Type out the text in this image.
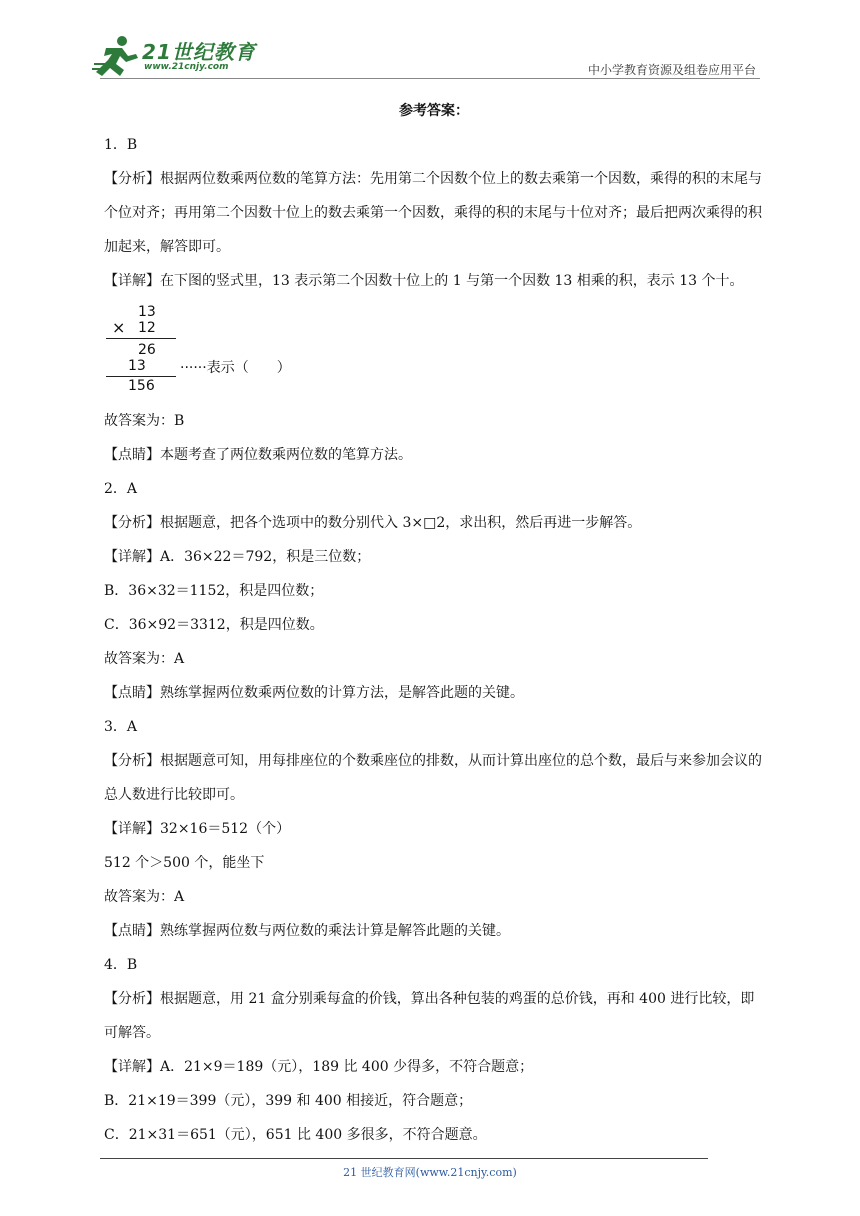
21世纪教育
www.21cnjy.com	中小学教育资源及组卷应用平台
参考答案：

1．B

【分析】根据两位数乘两位数的笔算方法：先用第二个因数个位上的数去乘第一个因数，乘得的积的末尾与个位对齐；再用第二个因数十位上的数去乘第一个因数，乘得的积的末尾与十位对齐；最后把两次乘得的积加起来，解答即可。

【详解】在下图的竖式里，13 表示第二个因数十位上的 1 与第一个因数 13 相乘的积，表示 13 个十。

13
× 12
26
13 ······表示（　　）
156

故答案为：B

【点睛】本题考查了两位数乘两位数的笔算方法。

2．A

【分析】根据题意，把各个选项中的数分别代入 3×□2，求出积，然后再进一步解答。

【详解】A．36×22＝792，积是三位数；

B．36×32＝1152，积是四位数；

C．36×92＝3312，积是四位数。

故答案为：A

【点睛】熟练掌握两位数乘两位数的计算方法，是解答此题的关键。

3．A

【分析】根据题意可知，用每排座位的个数乘座位的排数，从而计算出座位的总个数，最后与来参加会议的总人数进行比较即可。

【详解】32×16＝512（个）

512 个＞500 个，能坐下

故答案为：A

【点睛】熟练掌握两位数与两位数的乘法计算是解答此题的关键。

4．B

【分析】根据题意，用 21 盒分别乘每盒的价钱，算出各种包装的鸡蛋的总价钱，再和 400 进行比较，即可解答。

【详解】A．21×9＝189（元），189 比 400 少得多，不符合题意；

B．21×19＝399（元），399 和 400 相接近，符合题意；

C．21×31＝651（元），651 比 400 多很多，不符合题意。

21 世纪教育网(www.21cnjy.com)
